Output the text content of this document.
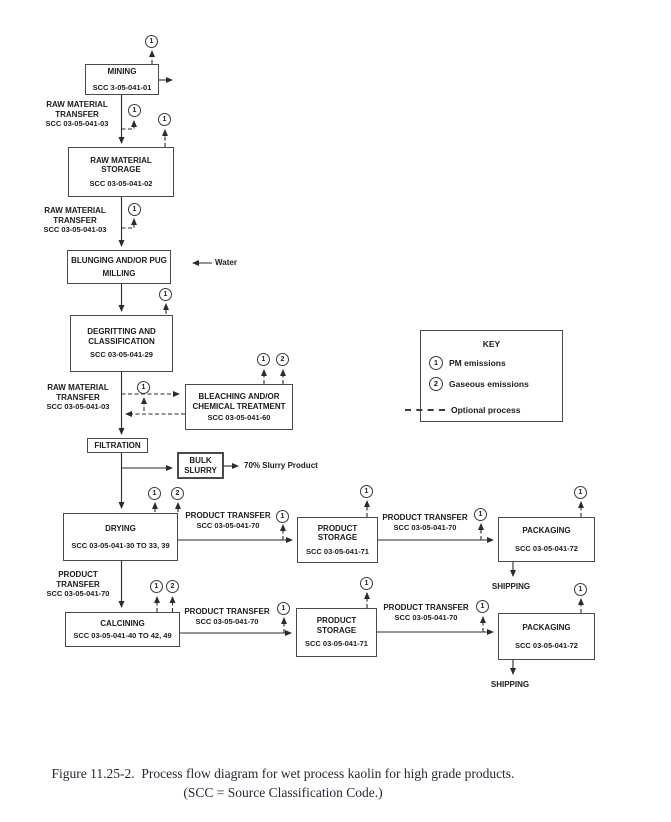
MINING
SCC 3-05-041-01
RAW MATERIAL
STORAGE
SCC 03-05-041-02
BLUNGING AND/OR PUG
MILLING
DEGRITTING AND
CLASSIFICATION
SCC 03-05-041-29
BLEACHING AND/OR
CHEMICAL TREATMENT
SCC 03-05-041-60
FILTRATION
BULK
SLURRY
DRYING
SCC 03-05-041-30 TO 33, 39
PRODUCT
STORAGE
SCC 03-05-041-71
PACKAGING
SCC 03-05-041-72
CALCINING
SCC 03-05-041-40 TO 42, 49
PRODUCT
STORAGE
SCC 03-05-041-71
PACKAGING
SCC 03-05-041-72
1
1
1
1
1
1
1	2
1	2	1
1	1
1
1	2
1
1
1
1
RAW MATERIAL
TRANSFER
SCC 03-05-041-03
RAW MATERIAL
TRANSFER
SCC 03-05-041-03
RAW MATERIAL
TRANSFER
SCC 03-05-041-03
PRODUCT
TRANSFER
SCC 03-05-041-70
PRODUCT TRANSFER
SCC 03-05-041-70
PRODUCT TRANSFER
SCC 03-05-041-70
PRODUCT TRANSFER
SCC 03-05-041-70
PRODUCT TRANSFER
SCC 03-05-041-70
Water
70% Slurry Product
SHIPPING
SHIPPING
KEY
1	PM emissions
2	Gaseous emissions
Optional process
Figure 11.25-2.  Process flow diagram for wet process kaolin for high grade products.
(SCC = Source Classification Code.)
